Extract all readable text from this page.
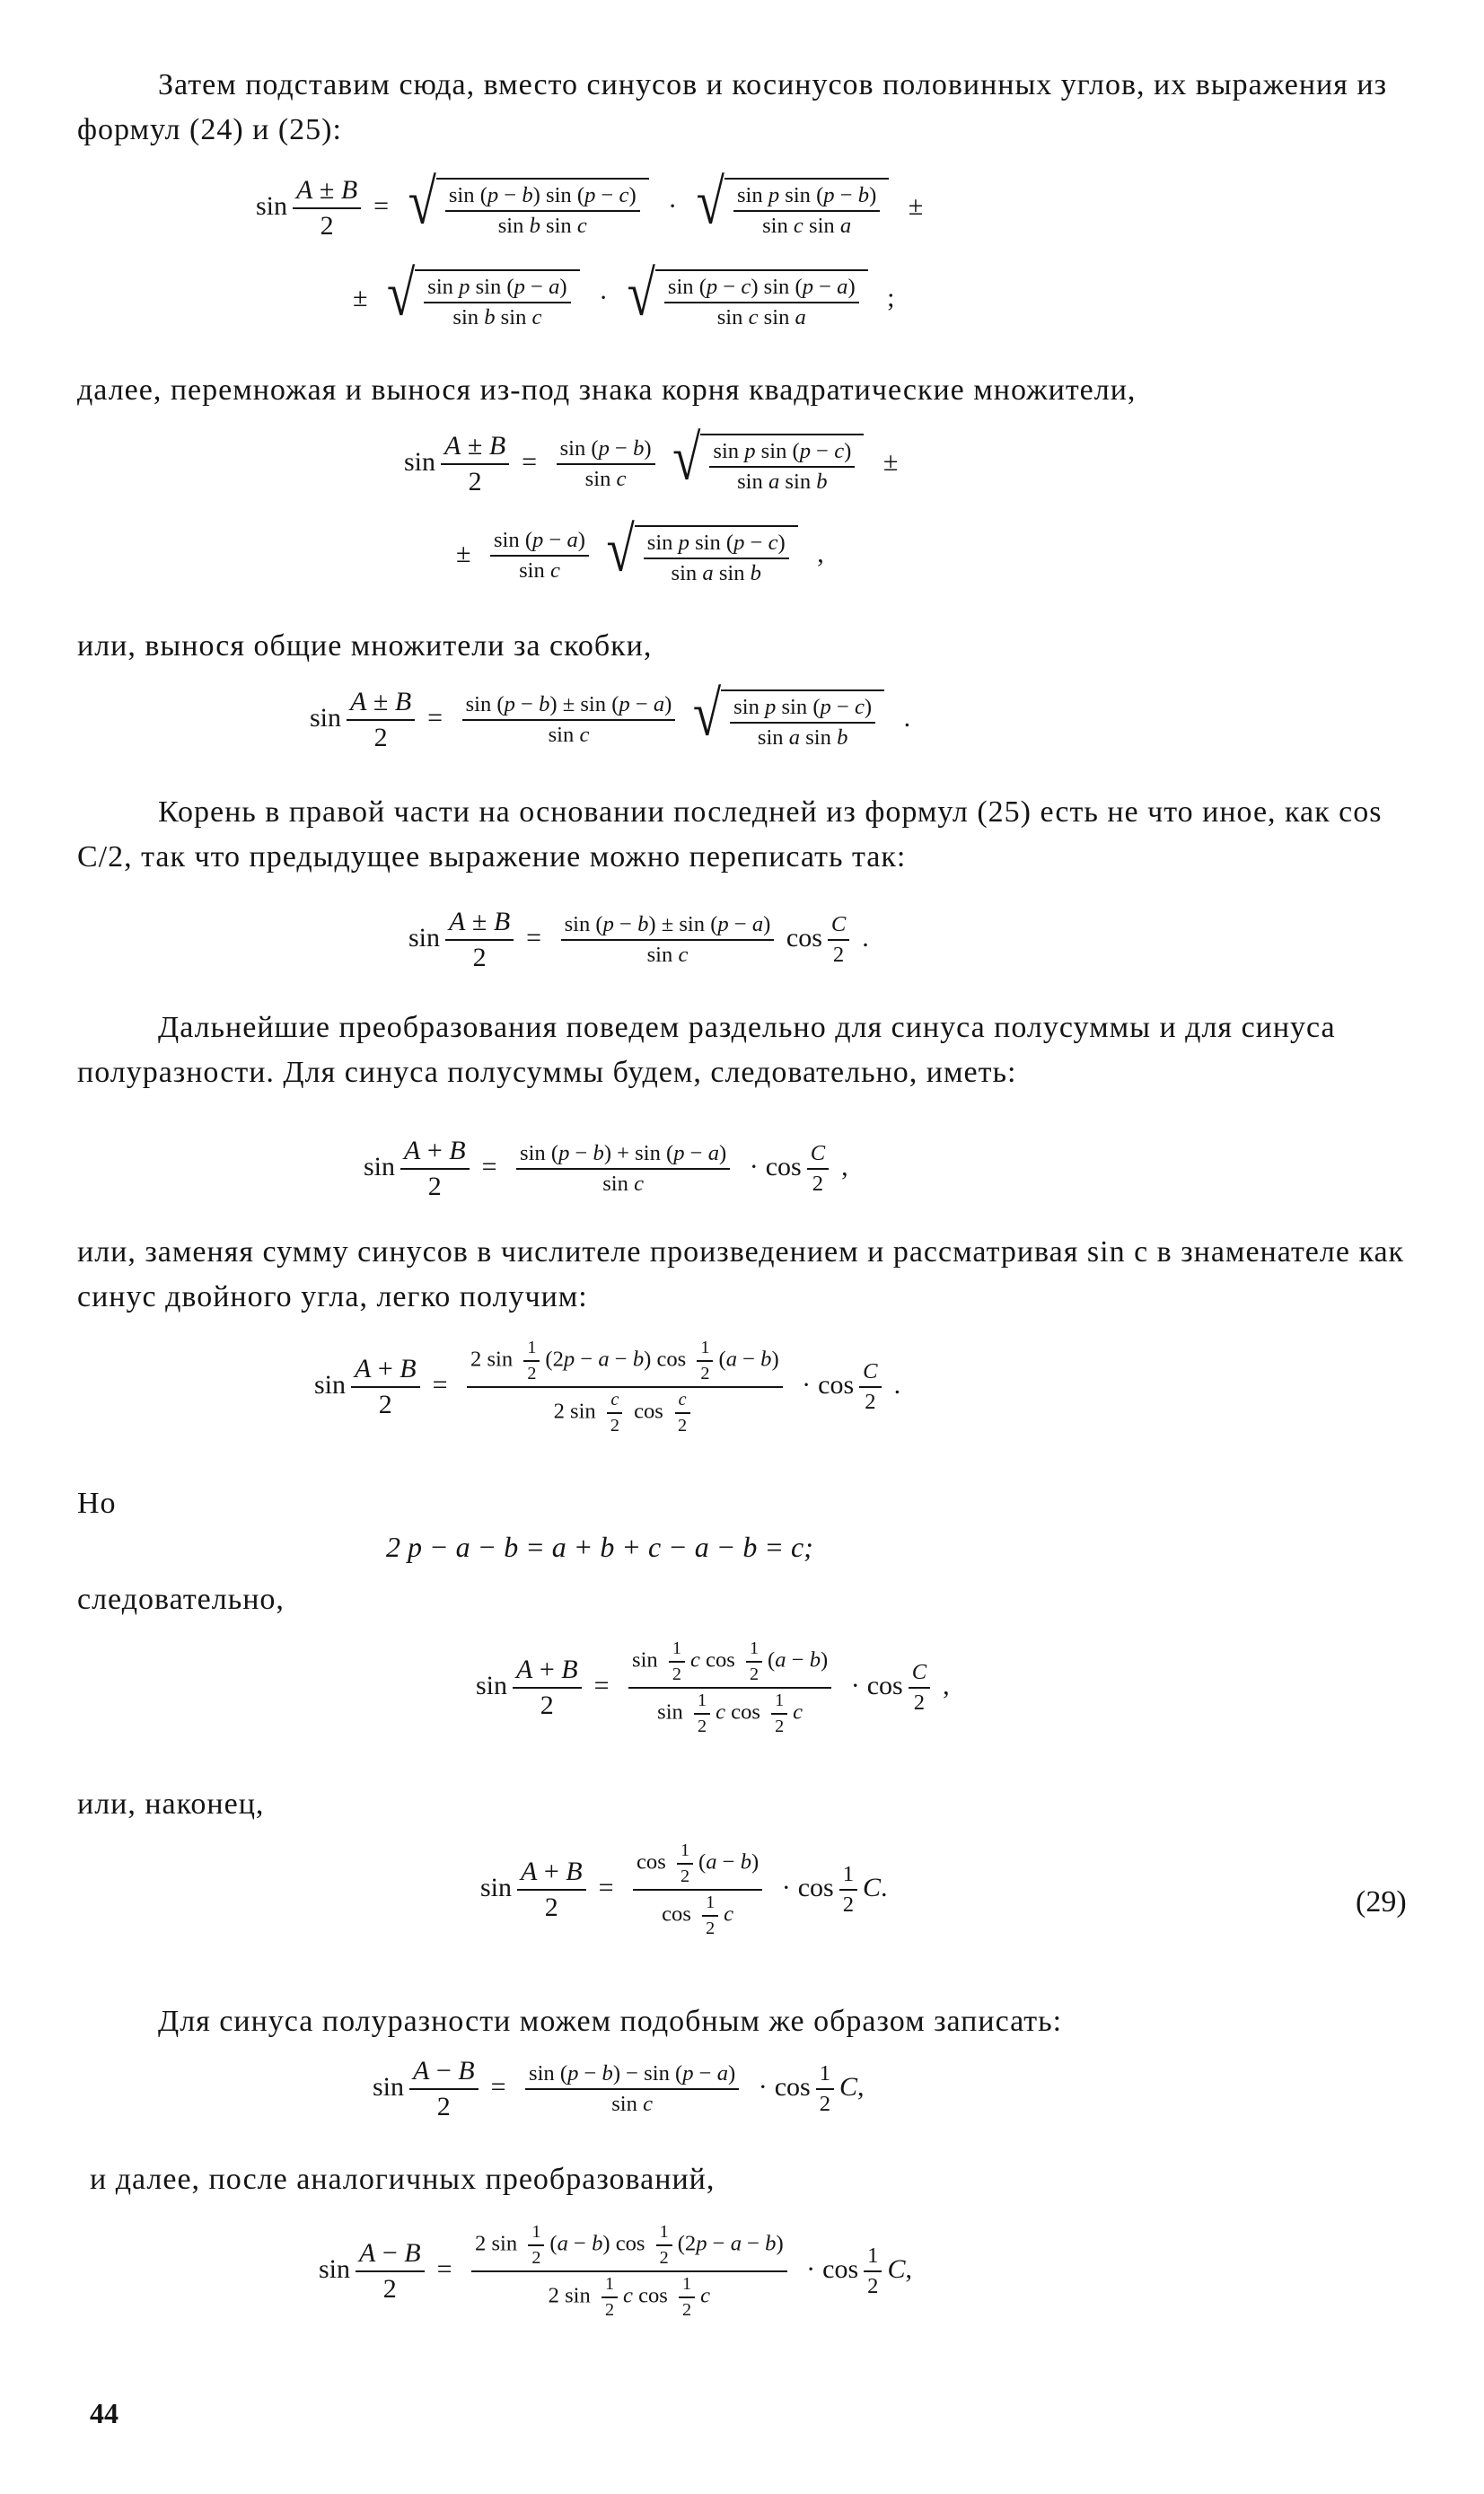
Затем подставим сюда, вместо синусов и косинусов половинных углов, их выражения из формул (24) и (25):
$\sin \frac{A \pm B}{2}$ = √ $\frac{\sin (p - b) \sin (p - c)}{\text{sin b sin c}}$ · √ $\frac{\text{sin p sin (p − b)}}{\text{sin c sin a}}$ ±
± √ $\frac{\text{sin p sin (p − a)}}{\text{sin b sin c}}$ · √ $\frac{\sin (p - c) \sin (p - a)}{\text{sin c sin a}}$ ;
далее, перемножая и вынося из-под знака корня квадратические множители,
$\sin \frac{A \pm B}{2} = \frac{\sin (p - b)}{\text{sin c}}$
√ $\frac{\text{sin p sin (p − c)}}{\text{sin a sin b}}$ ±
± $\frac{\sin (p - a)}{\text{sin c}}$
√ $\frac{\text{sin p sin (p − c)}}{\text{sin a sin b}}$ ,
или, вынося общие множители за скобки,
$\sin \frac{A \pm B}{2} = \frac{\sin (p - b) \pm \sin (p - a)}{\text{sin c}}$
√ $\frac{\text{sin p sin (p − c)}}{\text{sin a sin b}}$ .
Корень в правой части на основании последней из формул (25) есть не что иное, как cos C/2, так что предыдущее выражение можно переписать так:
$\sin \frac{A \pm B}{2} = \frac{\sin (p - b) \pm \sin (p - a)}{\text{sin c}}$ $\cos \frac{C}{2}$ .
Дальнейшие преобразования поведем раздельно для синуса полусуммы и для синуса полуразности. Для синуса полусуммы будем, следовательно, иметь:
$\sin \frac{A + B}{2} = \frac{\sin (p - b) + \sin (p - a)}{\text{sin c}} \cdot \cos \frac{C}{2}$ ,
или, заменяя сумму синусов в числителе произведением и рассматривая sin c в знаменателе как синус двойного угла, легко получим:
$\sin \frac{A + B}{2} = \frac{2 \sin \frac{1}{2} (2p - a - b) \cos \frac{1}{2} (a - b)}{2 \sin \frac{c}{2} \cos \frac{c}{2}} \cdot \cos \frac{C}{2}$ .
Но
2 p − a − b = a + b + c − a − b = c;
следовательно,
$\sin \frac{A + B}{2} = \frac{\sin \frac{1}{2} c \cos \frac{1}{2} (a - b)}{\sin \frac{1}{2} c \cos \frac{1}{2} c} \cdot \cos \frac{C}{2}$ ,
или, наконец,
$\sin \frac{A + B}{2} = \frac{\cos \frac{1}{2} (a - b)}{\cos \frac{1}{2} c} \cdot \cos \frac{1}{2} C$.	(29)
Для синуса полуразности можем подобным же образом записать:
$\sin \frac{A - B}{2} = \frac{\sin (p - b) - \sin (p - a)}{\text{sin c}} \cdot \cos \frac{1}{2} C$,
и далее, после аналогичных преобразований,
$\sin \frac{A - B}{2} = \frac{2 \sin \frac{1}{2} (a - b) \cos \frac{1}{2} (2p - a - b)}{2 \sin \frac{1}{2} c \cos \frac{1}{2} c} \cdot \cos \frac{1}{2} C$,
44
